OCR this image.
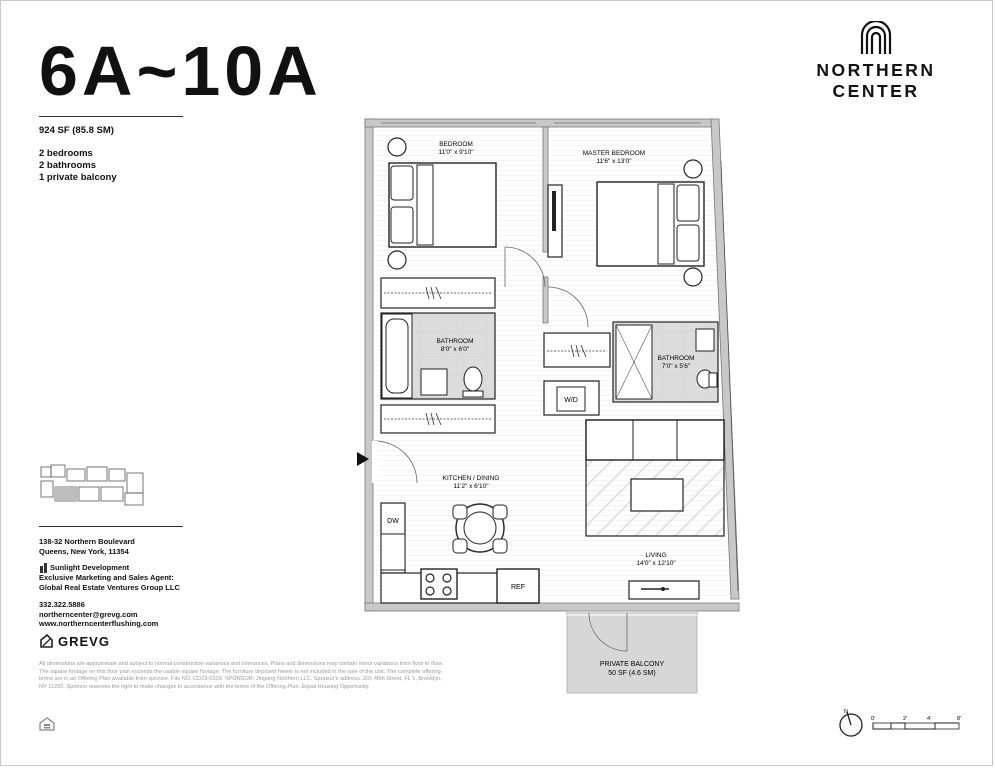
6A~10A
924 SF (85.8 SM)
2 bedrooms
2 bathrooms
1 private balcony
138-32 Northern Boulevard
Queens, New York, 11354
Sunlight Development
Exclusive Marketing and Sales Agent:
Global Real Estate Ventures Group LLC
332.322.5886
northerncenter@grevg.com
www.northerncenterflushing.com
GREVG
All dimensions are approximate and subject to normal construction variances and tolerances. Plans and dimensions may contain minor variations from floor to floor. The square footage on this floor plan exceeds the usable square footage. The furniture depicted herein is not included in the sale of the unit. The complete offering terms are in an Offering Plan available from sponsor. File NO. CD23-0339. SPONSOR: Jingang Northern LLC. Sponsor's address: 201 46th Street, FL 1, Brooklyn, NY 11220. Sponsor reserves the right to make changes in accordance with the terms of the Offering Plan. Equal Housing Opportunity.
NORTHERN
CENTER
BEDROOM
11'0" x 9'10"
BATHROOM
8'0" x 6'0"
MASTER BEDROOM
11'6" x 13'0"
W/D
BATHROOM
7'0" x 5'6"
DW
REF
KITCHEN / DINING
11'2" x 6'10"
LIVING
14'0" x 12'10"
PRIVATE BALCONY
50 SF (4.6 SM)
N
0'	2'	4'	8'
